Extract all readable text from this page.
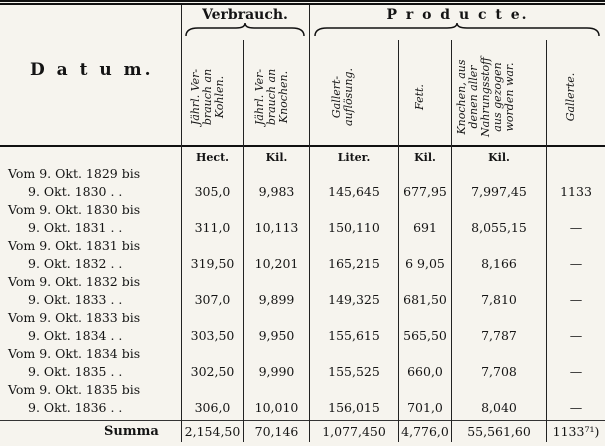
D a t u m.
Verbrauch.	P r o d u c t e.
Jährl. Ver- brauch an Kohlen.	Jährl. Ver- brauch an Knochen.	Gallert- auflösung.	Fett.	Knochen, aus denen aller Nahrungsstoff aus gezogen worden war.	Gallerte.
Hect.	Kil.	Liter.	Kil.	Kil.
Vom 9. Okt. 1829 bis
9. Okt. 1830 . .	305,0	9,983	145,645	677,95	7,997,45	1133
Vom 9. Okt. 1830 bis
9. Okt. 1831 . .	311,0	10,113	150,110	691	8,055,15	—
Vom 9. Okt. 1831 bis
9. Okt. 1832 . .	319,50	10,201	165,215	6 9,05	8,166	—
Vom 9. Okt. 1832 bis
9. Okt. 1833 . .	307,0	9,899	149,325	681,50	7,810	—
Vom 9. Okt. 1833 bis
9. Okt. 1834 . .	303,50	9,950	155,615	565,50	7,787	—
Vom 9. Okt. 1834 bis
9. Okt. 1835 . .	302,50	9,990	155,525	660,0	7,708	—
Vom 9. Okt. 1835 bis
9. Okt. 1836 . .	306,0	10,010	156,015	701,0	8,040	—
Summa 2,154,50	70,146	1,077,450	4,776,0	55,561,60	1133⁷¹)
